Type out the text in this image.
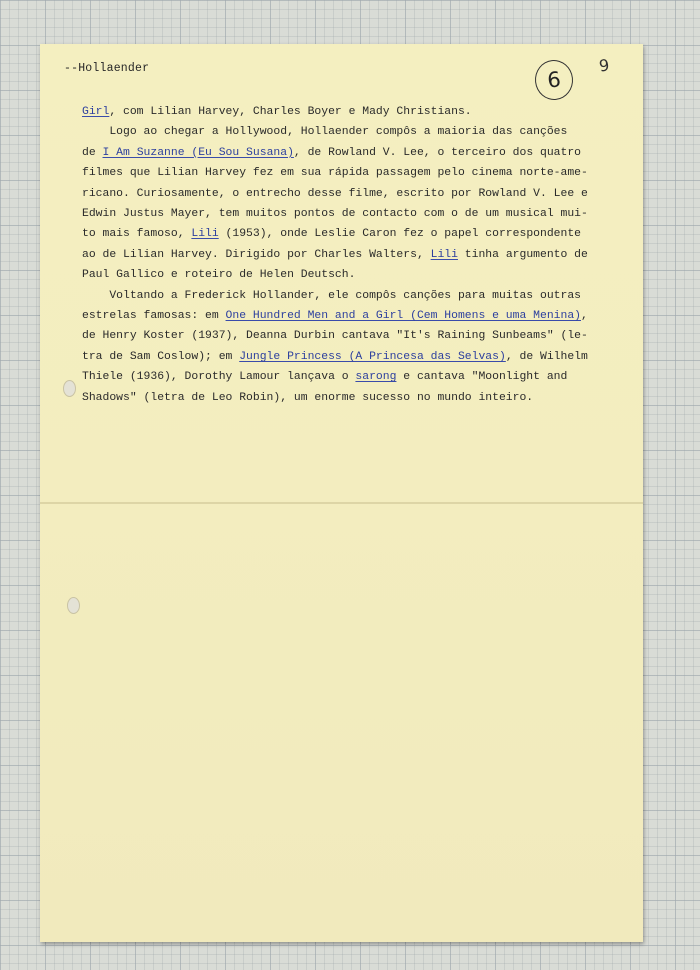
--Hollaender	6
9
Girl, com Lilian Harvey, Charles Boyer e Mady Christians.
Logo ao chegar a Hollywood, Hollaender compôs a maioria das canções
de I Am Suzanne (Eu Sou Susana), de Rowland V. Lee, o terceiro dos quatro
filmes que Lilian Harvey fez em sua rápida passagem pelo cinema norte-ame-
ricano. Curiosamente, o entrecho desse filme, escrito por Rowland V. Lee e
Edwin Justus Mayer, tem muitos pontos de contacto com o de um musical mui-
to mais famoso, Lili (1953), onde Leslie Caron fez o papel correspondente
ao de Lilian Harvey. Dirigido por Charles Walters, Lili tinha argumento de
Paul Gallico e roteiro de Helen Deutsch.
Voltando a Frederick Hollander, ele compôs canções para muitas outras
estrelas famosas: em One Hundred Men and a Girl (Cem Homens e uma Menina),
de Henry Koster (1937), Deanna Durbin cantava "It's Raining Sunbeams" (le-
tra de Sam Coslow); em Jungle Princess (A Princesa das Selvas), de Wilhelm
Thiele (1936), Dorothy Lamour lançava o sarong e cantava "Moonlight and
Shadows" (letra de Leo Robin), um enorme sucesso no mundo inteiro.
